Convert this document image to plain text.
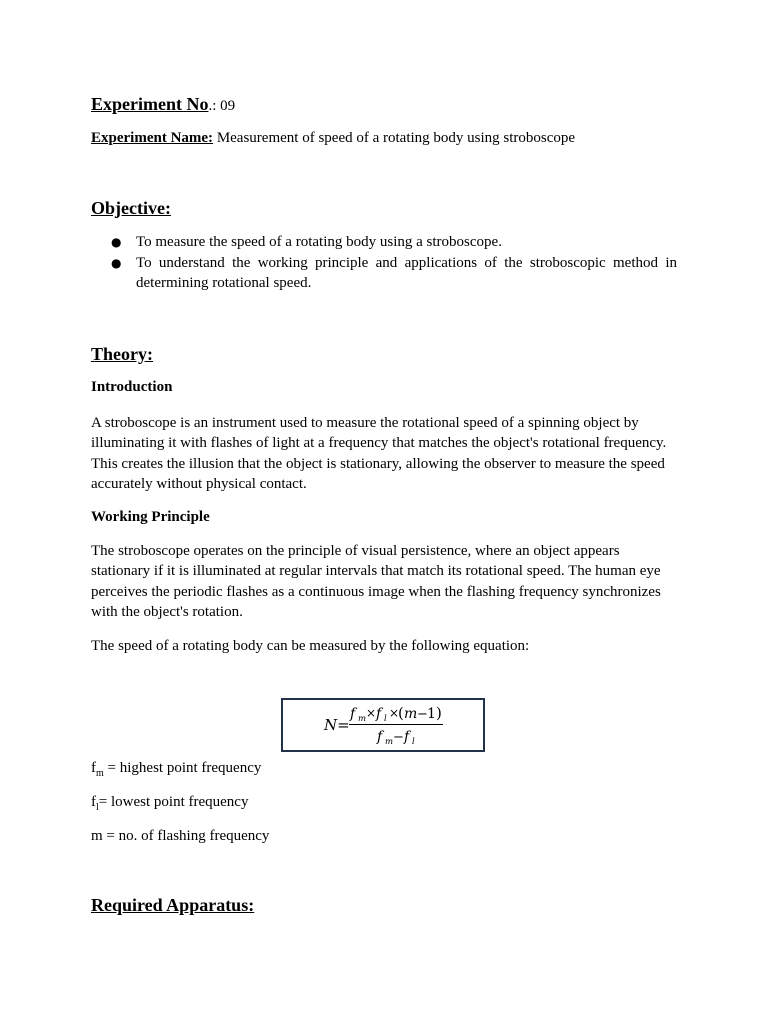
Experiment No.: 09
Experiment Name: Measurement of speed of a rotating body using stroboscope
Objective:
● To measure the speed of a rotating body using a stroboscope.
● To understand the working principle and applications of the stroboscopic method in determining rotational speed.
Theory:
Introduction

A stroboscope is an instrument used to measure the rotational speed of a spinning object by illuminating it with flashes of light at a frequency that matches the object's rotational frequency. This creates the illusion that the object is stationary, allowing the observer to measure the speed accurately without physical contact.

Working Principle

The stroboscope operates on the principle of visual persistence, where an object appears stationary if it is illuminated at regular intervals that match its rotational speed. The human eye perceives the periodic flashes as a continuous image when the flashing frequency synchronizes with the object's rotation.

The speed of a rotating body can be measured by the following equation:

N=
f m × f l ×
( m − 1 )
f m − f l
$f_m$ = highest point frequency
$f_l=$ lowest point frequency
m = no. of flashing frequency
Required Apparatus:
